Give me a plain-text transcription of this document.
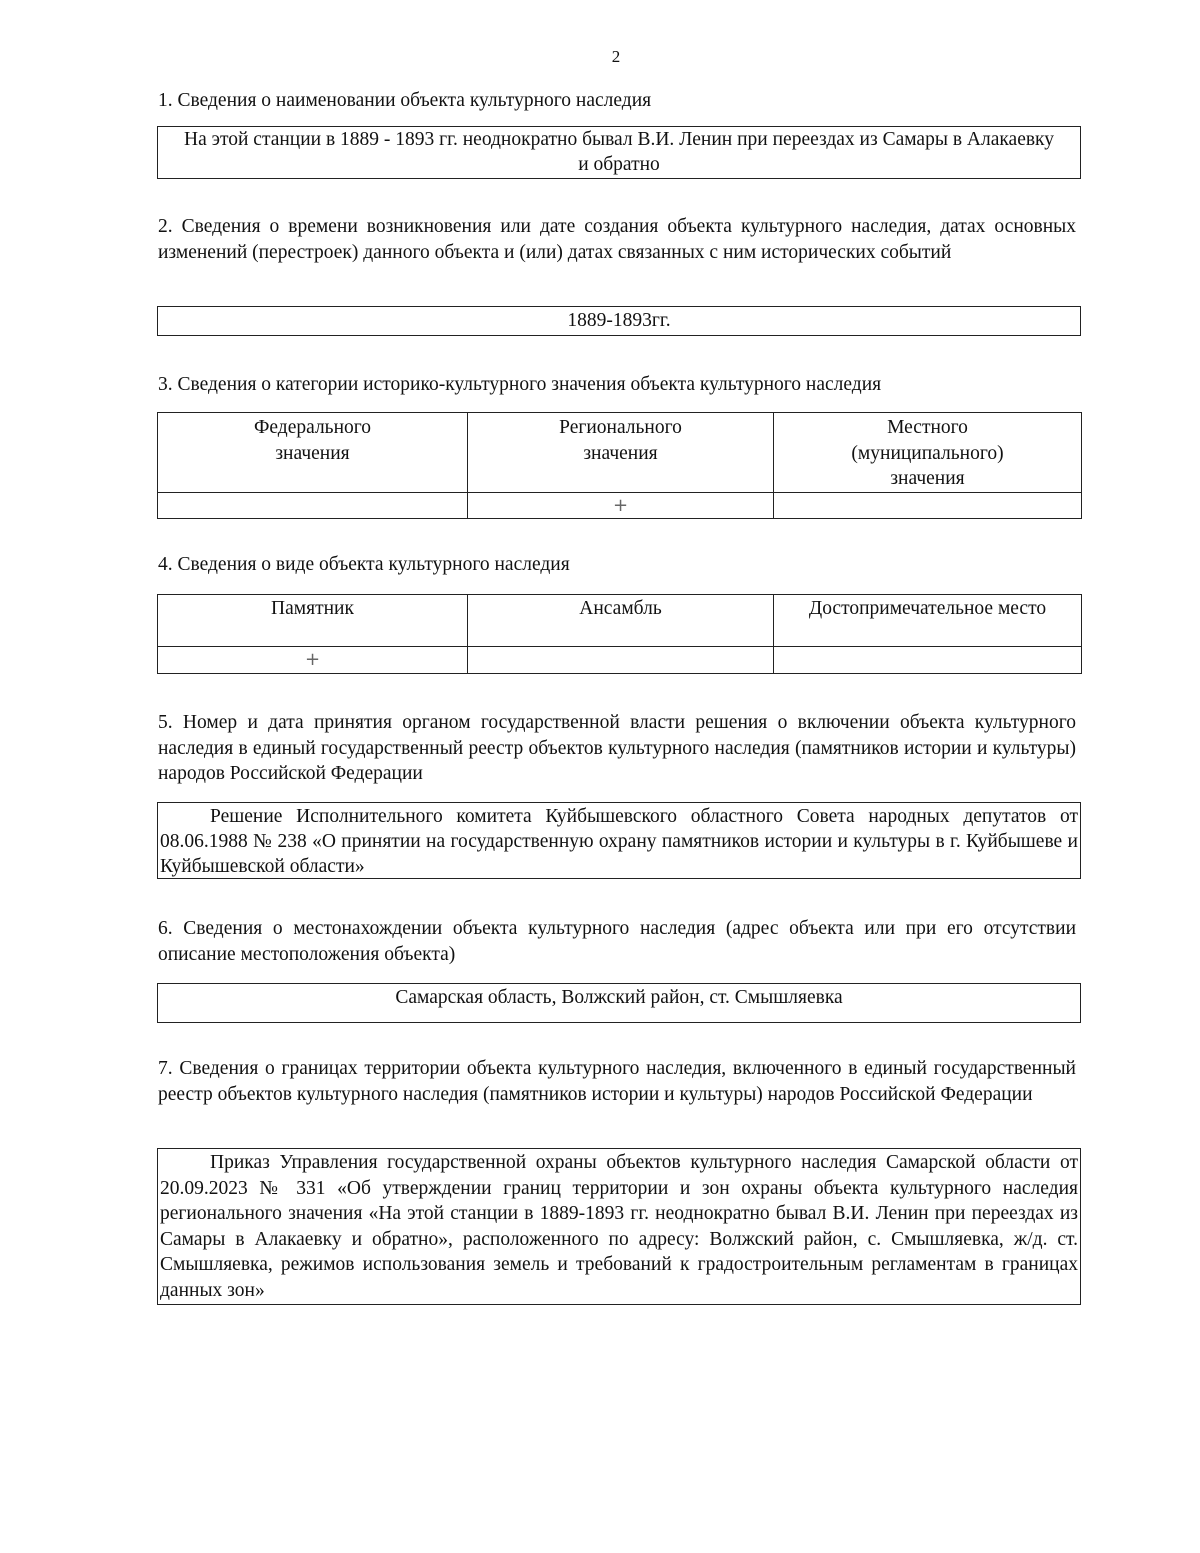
2
1. Сведения о наименовании объекта культурного наследия
На этой станции в 1889 - 1893 гг. неоднократно бывал В.И. Ленин при переездах из Самары в Алакаевку и обратно
2. Сведения о времени возникновения или дате создания объекта культурного наследия, датах основных изменений (перестроек) данного объекта и (или) датах связанных с ним исторических событий
1889-1893гг.
3. Сведения о категории историко-культурного значения объекта культурного наследия
Федерального значения	Регионального значения	Местного (муниципального) значения

	+	
4. Сведения о виде объекта культурного наследия
Памятник	Ансамбль	Достопримечательное место

+		
5. Номер и дата принятия органом государственной власти решения о включении объекта культурного наследия в единый государственный реестр объектов культурного наследия (памятников истории и культуры) народов Российской Федерации
Решение Исполнительного комитета Куйбышевского областного Совета народных депутатов от 08.06.1988 № 238 «О принятии на государственную охрану памятников истории и культуры в г. Куйбышеве и Куйбышевской области»
6. Сведения о местонахождении объекта культурного наследия (адрес объекта или при его отсутствии описание местоположения объекта)
Самарская область, Волжский район, ст. Смышляевка
7. Сведения о границах территории объекта культурного наследия, включенного в единый государственный реестр объектов культурного наследия (памятников истории и культуры) народов Российской Федерации
Приказ Управления государственной охраны объектов культурного наследия Самарской области от 20.09.2023 № 331 «Об утверждении границ территории и зон охраны объекта культурного наследия регионального значения «На этой станции в 1889-1893 гг. неоднократно бывал В.И. Ленин при переездах из Самары в Алакаевку и обратно», расположенного по адресу: Волжский район, с. Смышляевка, ж/д. ст. Смышляевка, режимов использования земель и требований к градостроительным регламентам в границах данных зон»
